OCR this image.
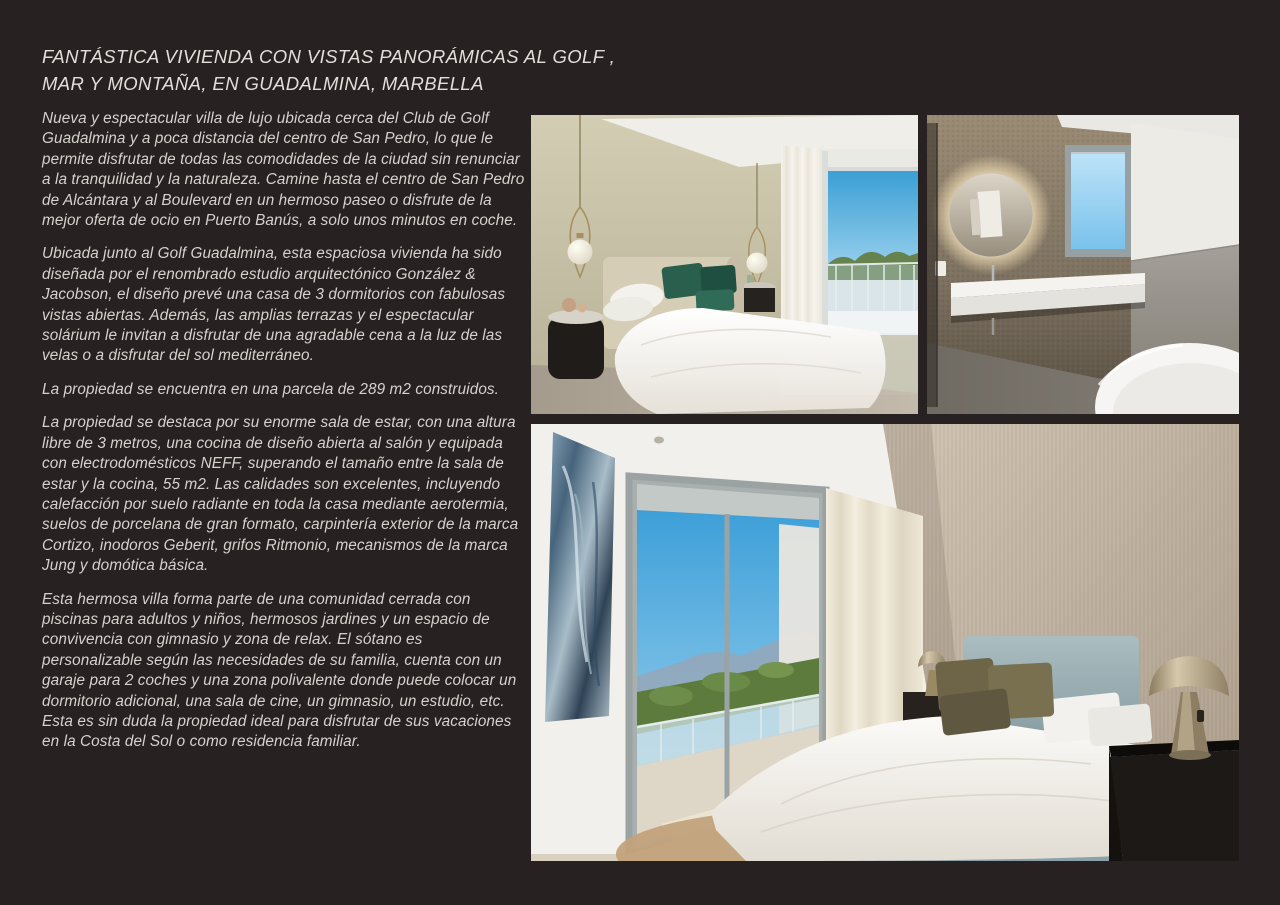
FANTÁSTICA VIVIENDA CON VISTAS PANORÁMICAS AL GOLF ,
MAR Y MONTAÑA, EN GUADALMINA, MARBELLA

Nueva y espectacular villa de lujo ubicada cerca del Club de Golf Guadalmina y a poca distancia del centro de San Pedro, lo que le permite disfrutar de todas las comodidades de la ciudad sin renunciar a la tranquilidad y la naturaleza. Camine hasta el centro de San Pedro de Alcántara y al Boulevard en un hermoso paseo o disfrute de la mejor oferta de ocio en Puerto Banús, a solo unos minutos en coche.

Ubicada junto al Golf Guadalmina, esta espaciosa vivienda ha sido diseñada por el renombrado estudio arquitectónico González & Jacobson, el diseño prevé una casa de 3 dormitorios con fabulosas vistas abiertas. Además, las amplias terrazas y el espectacular solárium le invitan a disfrutar de una agradable cena a la luz de las velas o a disfrutar del sol mediterráneo.

La propiedad se encuentra en una parcela de 289 m2 construidos.

La propiedad se destaca por su enorme sala de estar, con una altura libre de 3 metros, una cocina de diseño abierta al salón y equipada con electrodomésticos NEFF, superando el tamaño entre la sala de estar y la cocina, 55 m2. Las calidades son excelentes, incluyendo calefacción por suelo radiante en toda la casa mediante aerotermia, suelos de porcelana de gran formato, carpintería exterior de la marca Cortizo, inodoros Geberit, grifos Ritmonio, mecanismos de la marca Jung y domótica básica.

Esta hermosa villa forma parte de una comunidad cerrada con piscinas para adultos y niños, hermosos jardines y un espacio de convivencia con gimnasio y zona de relax. El sótano es personalizable según las necesidades de su familia, cuenta con un garaje para 2 coches y una zona polivalente donde puede colocar un dormitorio adicional, una sala de cine, un gimnasio, un estudio, etc. Esta es sin duda la propiedad ideal para disfrutar de sus vacaciones en la Costa del Sol o como residencia familiar.
